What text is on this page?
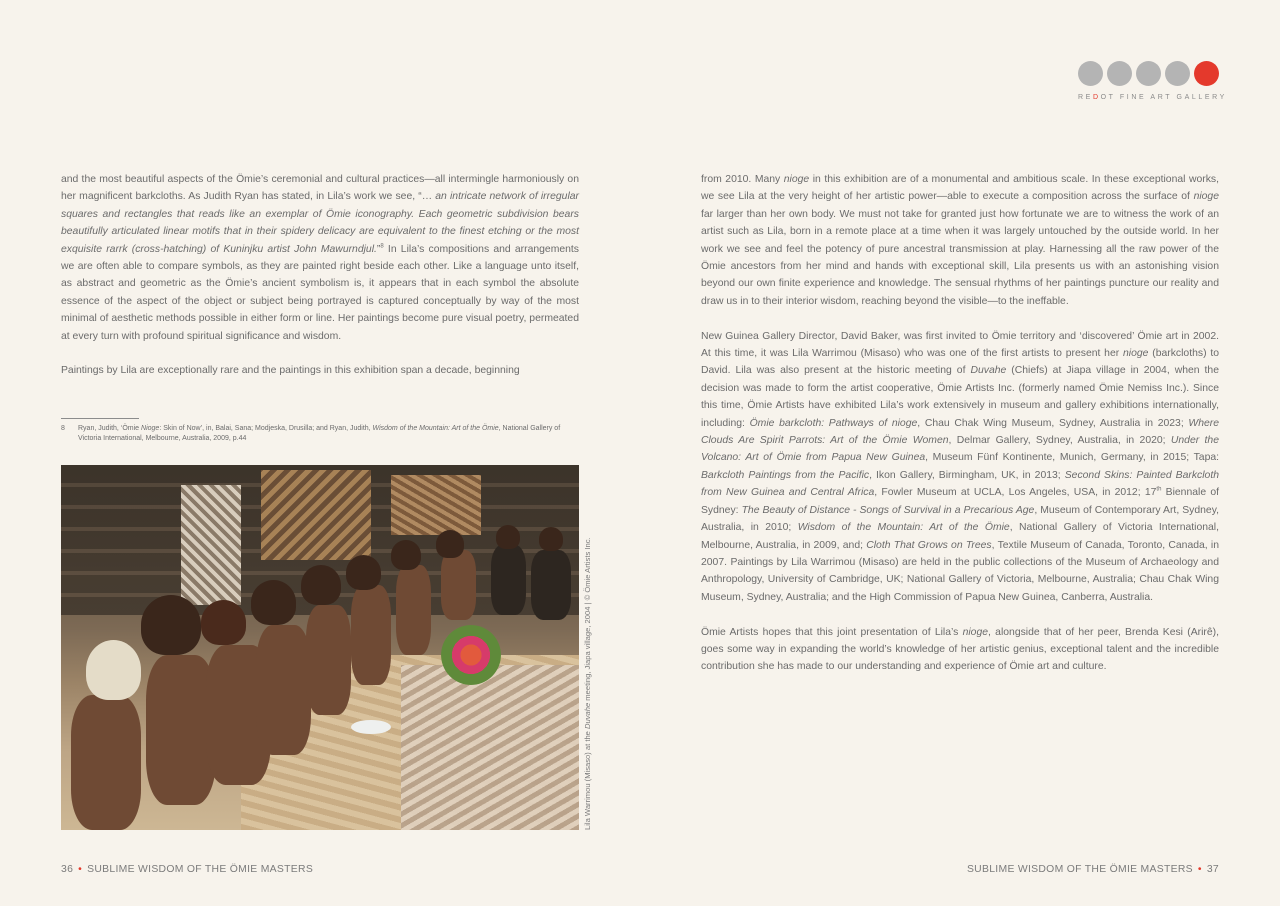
REDOT FINE ART GALLERY

and the most beautiful aspects of the Ömie’s ceremonial and cultural practices—all intermingle harmoniously on her magnificent barkcloths. As Judith Ryan has stated, in Lila’s work we see, “… an intricate network of irregular squares and rectangles that reads like an exemplar of Ömie iconography. Each geometric subdivision bears beautifully articulated linear motifs that in their spidery delicacy are equivalent to the finest etching or the most exquisite rarrk (cross-hatching) of Kuninjku artist John Mawurndjul.”$^8$ In Lila’s compositions and arrangements we are often able to compare symbols, as they are painted right beside each other. Like a language unto itself, as abstract and geometric as the Ömie’s ancient symbolism is, it appears that in each symbol the absolute essence of the aspect of the object or subject being portrayed is captured conceptually by way of the most minimal of aesthetic methods possible in either form or line. Her paintings become pure visual poetry, permeated at every turn with profound spiritual significance and wisdom.

Paintings by Lila are exceptionally rare and the paintings in this exhibition span a decade, beginning

8	Ryan, Judith, ‘Ömie Nioge: Skin of Now’, in, Balai, Sana; Modjeska, Drusilla; and Ryan, Judith, Wisdom of the Mountain: Art of the Ömie, National Gallery of Victoria International, Melbourne, Australia, 2009, p.44
Lila Warrimou (Misaso) at the Duvahe meeting, Jiapa village, 2004 | © Ömie Artists Inc.

from 2010. Many nioge in this exhibition are of a monumental and ambitious scale. In these exceptional works, we see Lila at the very height of her artistic power—able to execute a composition across the surface of nioge far larger than her own body. We must not take for granted just how fortunate we are to witness the work of an artist such as Lila, born in a remote place at a time when it was largely untouched by the outside world. In her work we see and feel the potency of pure ancestral transmission at play. Harnessing all the raw power of the Ömie ancestors from her mind and hands with exceptional skill, Lila presents us with an astonishing vision beyond our own finite experience and knowledge. The sensual rhythms of her paintings puncture our reality and draw us in to their interior wisdom, reaching beyond the visible—to the ineffable.

New Guinea Gallery Director, David Baker, was first invited to Ömie territory and ‘discovered’ Ömie art in 2002. At this time, it was Lila Warrimou (Misaso) who was one of the first artists to present her nioge (barkcloths) to David. Lila was also present at the historic meeting of Duvahe (Chiefs) at Jiapa village in 2004, when the decision was made to form the artist cooperative, Ömie Artists Inc. (formerly named Ömie Nemiss Inc.). Since this time, Ömie Artists have exhibited Lila’s work extensively in museum and gallery exhibitions internationally, including: Ömie barkcloth: Pathways of nioge, Chau Chak Wing Museum, Sydney, Australia in 2023; Where Clouds Are Spirit Parrots: Art of the Ömie Women, Delmar Gallery, Sydney, Australia, in 2020; Under the Volcano: Art of Ömie from Papua New Guinea, Museum Fünf Kontinente, Munich, Germany, in 2015; Tapa: Barkcloth Paintings from the Pacific, Ikon Gallery, Birmingham, UK, in 2013; Second Skins: Painted Barkcloth from New Guinea and Central Africa, Fowler Museum at UCLA, Los Angeles, USA, in 2012; 17th Biennale of Sydney: The Beauty of Distance - Songs of Survival in a Precarious Age, Museum of Contemporary Art, Sydney, Australia, in 2010; Wisdom of the Mountain: Art of the Ömie, National Gallery of Victoria International, Melbourne, Australia, in 2009, and; Cloth That Grows on Trees, Textile Museum of Canada, Toronto, Canada, in 2007. Paintings by Lila Warrimou (Misaso) are held in the public collections of the Museum of Archaeology and Anthropology, University of Cambridge, UK; National Gallery of Victoria, Melbourne, Australia; Chau Chak Wing Museum, Sydney, Australia; and the High Commission of Papua New Guinea, Canberra, Australia.

Ömie Artists hopes that this joint presentation of Lila’s nioge, alongside that of her peer, Brenda Kesi (Arirê), goes some way in expanding the world’s knowledge of her artistic genius, exceptional talent and the incredible contribution she has made to our understanding and experience of Ömie art and culture.

36 • SUBLIME WISDOM OF THE ÖMIE MASTERS	SUBLIME WISDOM OF THE ÖMIE MASTERS • 37
